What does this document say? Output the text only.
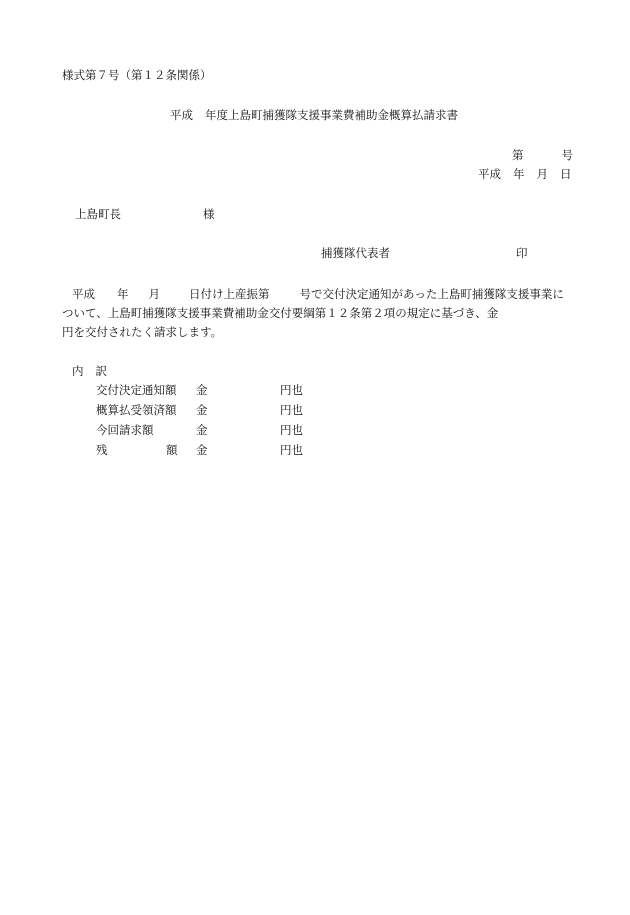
様式第７号（第１２条関係）
平成 年度上島町捕獲隊支援事業費補助金概算払請求書
第	号
平成 年 月 日
上島町長	様
捕獲隊代表者	印
平成 年 月	日付け上産振第	号で交付決定通知があった上島町捕獲隊支援事業に
ついて、上島町捕獲隊支援事業費補助金交付要綱第１２条第２項の規定に基づき、金
円を交付されたく請求します。
内 訳
交付決定通知額 金	円也
概算払受領済額 金	円也
今回請求額	金	円也
残	額 金	円也
